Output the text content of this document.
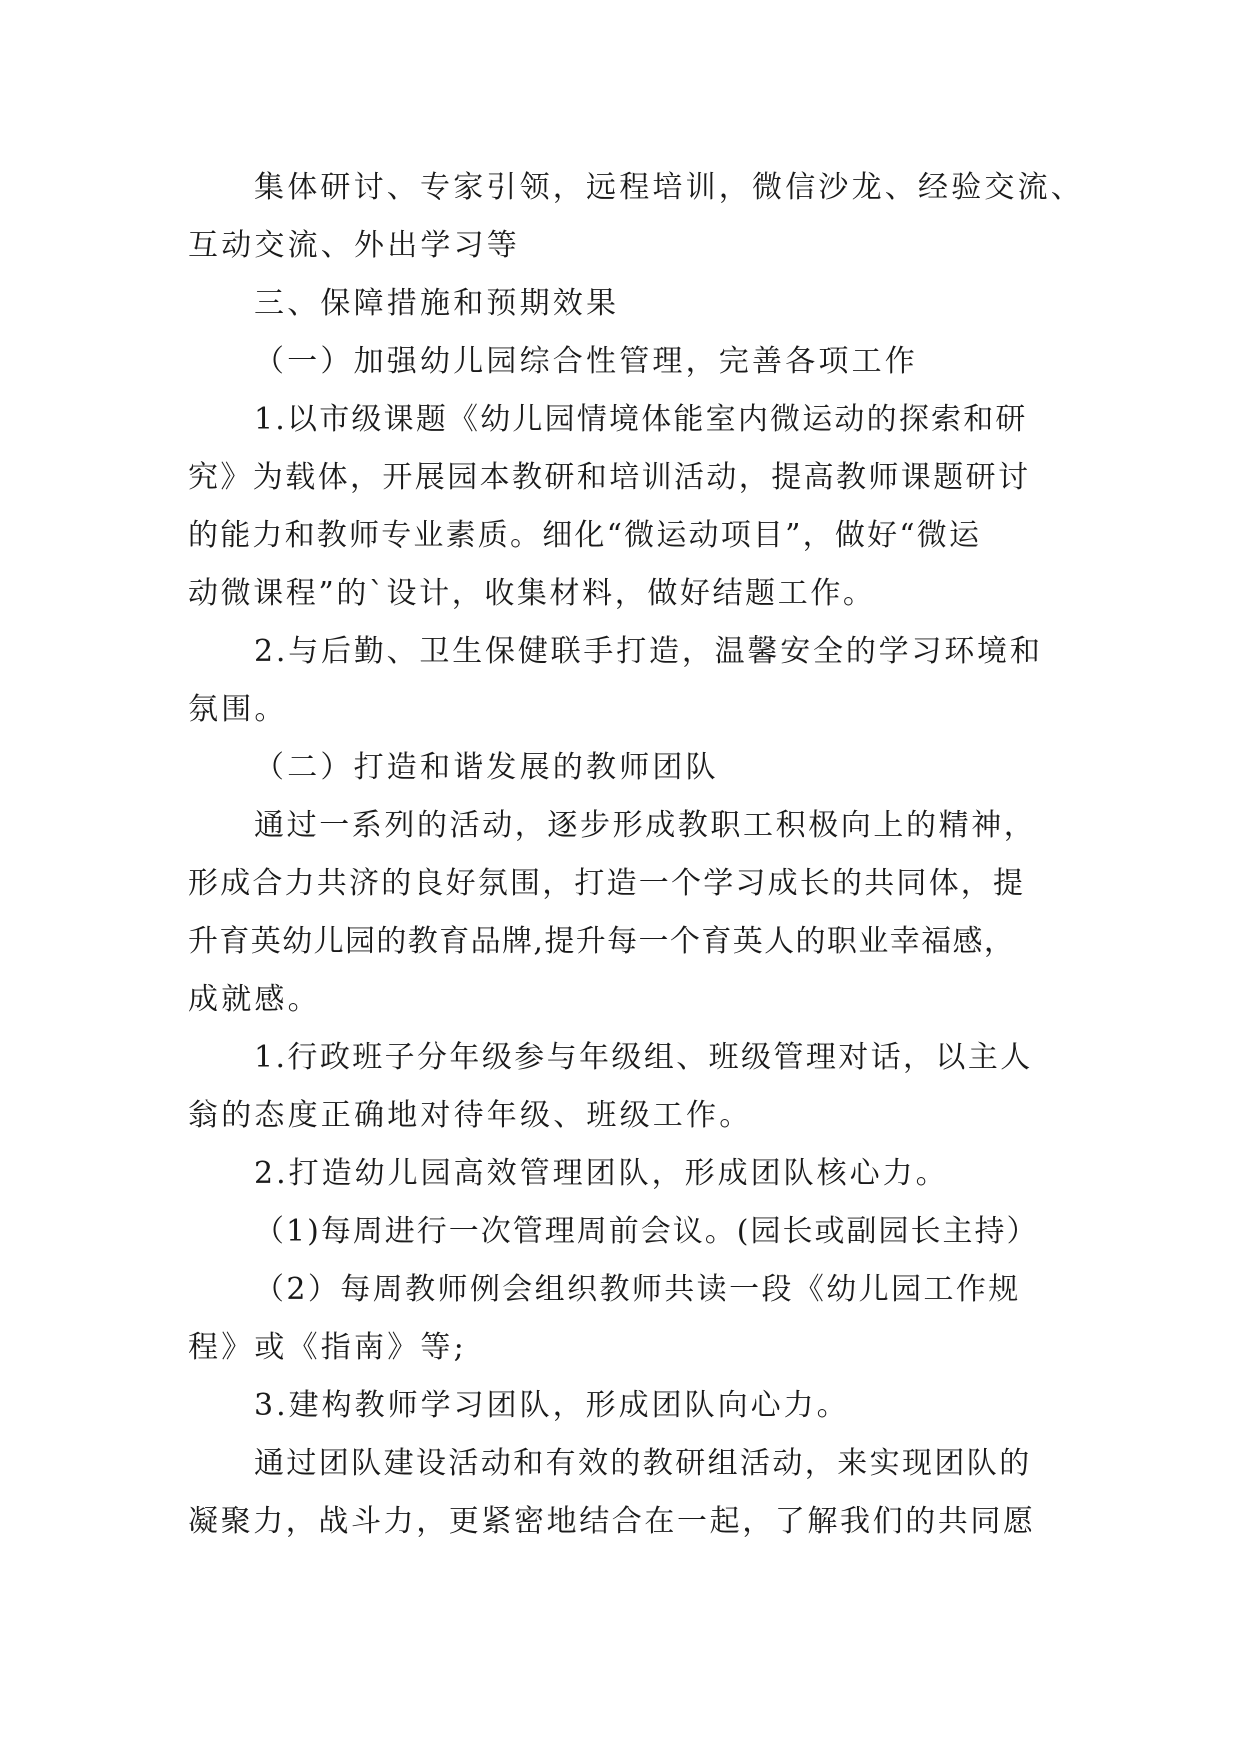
集体研讨、专家引领，远程培训，微信沙龙、经验交流、

互动交流、外出学习等

三、保障措施和预期效果

（一）加强幼儿园综合性管理，完善各项工作

1.以市级课题《幼儿园情境体能室内微运动的探索和研

究》为载体，开展园本教研和培训活动，提高教师课题研讨

的能力和教师专业素质。细化“微运动项目”，做好“微运

动微课程”的`设计，收集材料，做好结题工作。

2.与后勤、卫生保健联手打造，温馨安全的学习环境和

氛围。

（二）打造和谐发展的教师团队

通过一系列的活动，逐步形成教职工积极向上的精神，

形成合力共济的良好氛围，打造一个学习成长的共同体，提

升育英幼儿园的教育品牌,提升每一个育英人的职业幸福感，

成就感。

1.行政班子分年级参与年级组、班级管理对话，以主人

翁的态度正确地对待年级、班级工作。

2.打造幼儿园高效管理团队，形成团队核心力。

（1)每周进行一次管理周前会议。(园长或副园长主持）

（2）每周教师例会组织教师共读一段《幼儿园工作规

程》或《指南》等;

3.建构教师学习团队，形成团队向心力。

通过团队建设活动和有效的教研组活动，来实现团队的

凝聚力，战斗力，更紧密地结合在一起，了解我们的共同愿
